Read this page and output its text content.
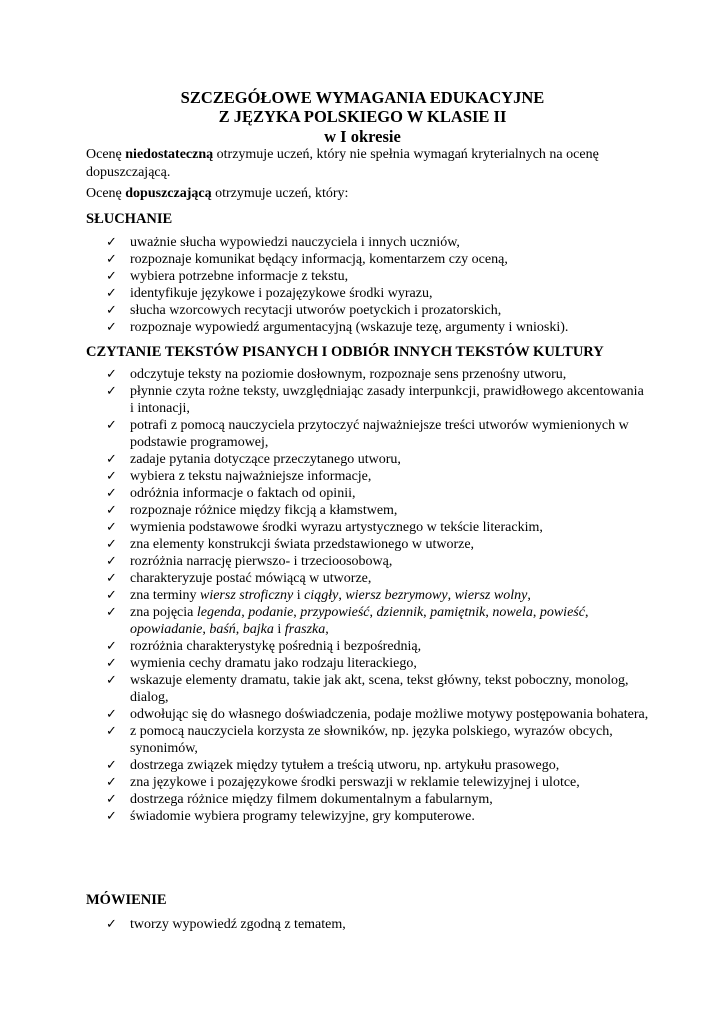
SZCZEGÓŁOWE WYMAGANIA EDUKACYJNE
Z JĘZYKA POLSKIEGO W KLASIE II
w I okresie
Ocenę niedostateczną otrzymuje uczeń, który nie spełnia wymagań kryterialnych na ocenę dopuszczającą.
Ocenę dopuszczającą otrzymuje uczeń, który:
SŁUCHANIE
✓ uważnie słucha wypowiedzi nauczyciela i innych uczniów,
✓ rozpoznaje komunikat będący informacją, komentarzem czy oceną,
✓ wybiera potrzebne informacje z tekstu,
✓ identyfikuje językowe i pozajęzykowe środki wyrazu,
✓ słucha wzorcowych recytacji utworów poetyckich i prozatorskich,
✓ rozpoznaje wypowiedź argumentacyjną (wskazuje tezę, argumenty i wnioski).
CZYTANIE TEKSTÓW PISANYCH I ODBIÓR INNYCH TEKSTÓW KULTURY
✓ odczytuje teksty na poziomie dosłownym, rozpoznaje sens przenośny utworu,
✓ płynnie czyta rożne teksty, uwzględniając zasady interpunkcji, prawidłowego akcentowania i intonacji,
✓ potrafi z pomocą nauczyciela przytoczyć najważniejsze treści utworów wymienionych w podstawie programowej,
✓ zadaje pytania dotyczące przeczytanego utworu,
✓ wybiera z tekstu najważniejsze informacje,
✓ odróżnia informacje o faktach od opinii,
✓ rozpoznaje różnice między fikcją a kłamstwem,
✓ wymienia podstawowe środki wyrazu artystycznego w tekście literackim,
✓ zna elementy konstrukcji świata przedstawionego w utworze,
✓ rozróżnia narrację pierwszo- i trzecioosobową,
✓ charakteryzuje postać mówiącą w utworze,
✓ zna terminy wiersz stroficzny i ciągły, wiersz bezrymowy, wiersz wolny,
✓ zna pojęcia legenda, podanie, przypowieść, dziennik, pamiętnik, nowela, powieść, opowiadanie, baśń, bajka i fraszka,
✓ rozróżnia charakterystykę pośrednią i bezpośrednią,
✓ wymienia cechy dramatu jako rodzaju literackiego,
✓ wskazuje elementy dramatu, takie jak akt, scena, tekst główny, tekst poboczny, monolog, dialog,
✓ odwołując się do własnego doświadczenia, podaje możliwe motywy postępowania bohatera,
✓ z pomocą nauczyciela korzysta ze słowników, np. języka polskiego, wyrazów obcych, synonimów,
✓ dostrzega związek między tytułem a treścią utworu, np. artykułu prasowego,
✓ zna językowe i pozajęzykowe środki perswazji w reklamie telewizyjnej i ulotce,
✓ dostrzega różnice między filmem dokumentalnym a fabularnym,
✓ świadomie wybiera programy telewizyjne, gry komputerowe.
MÓWIENIE
✓ tworzy wypowiedź zgodną z tematem,
